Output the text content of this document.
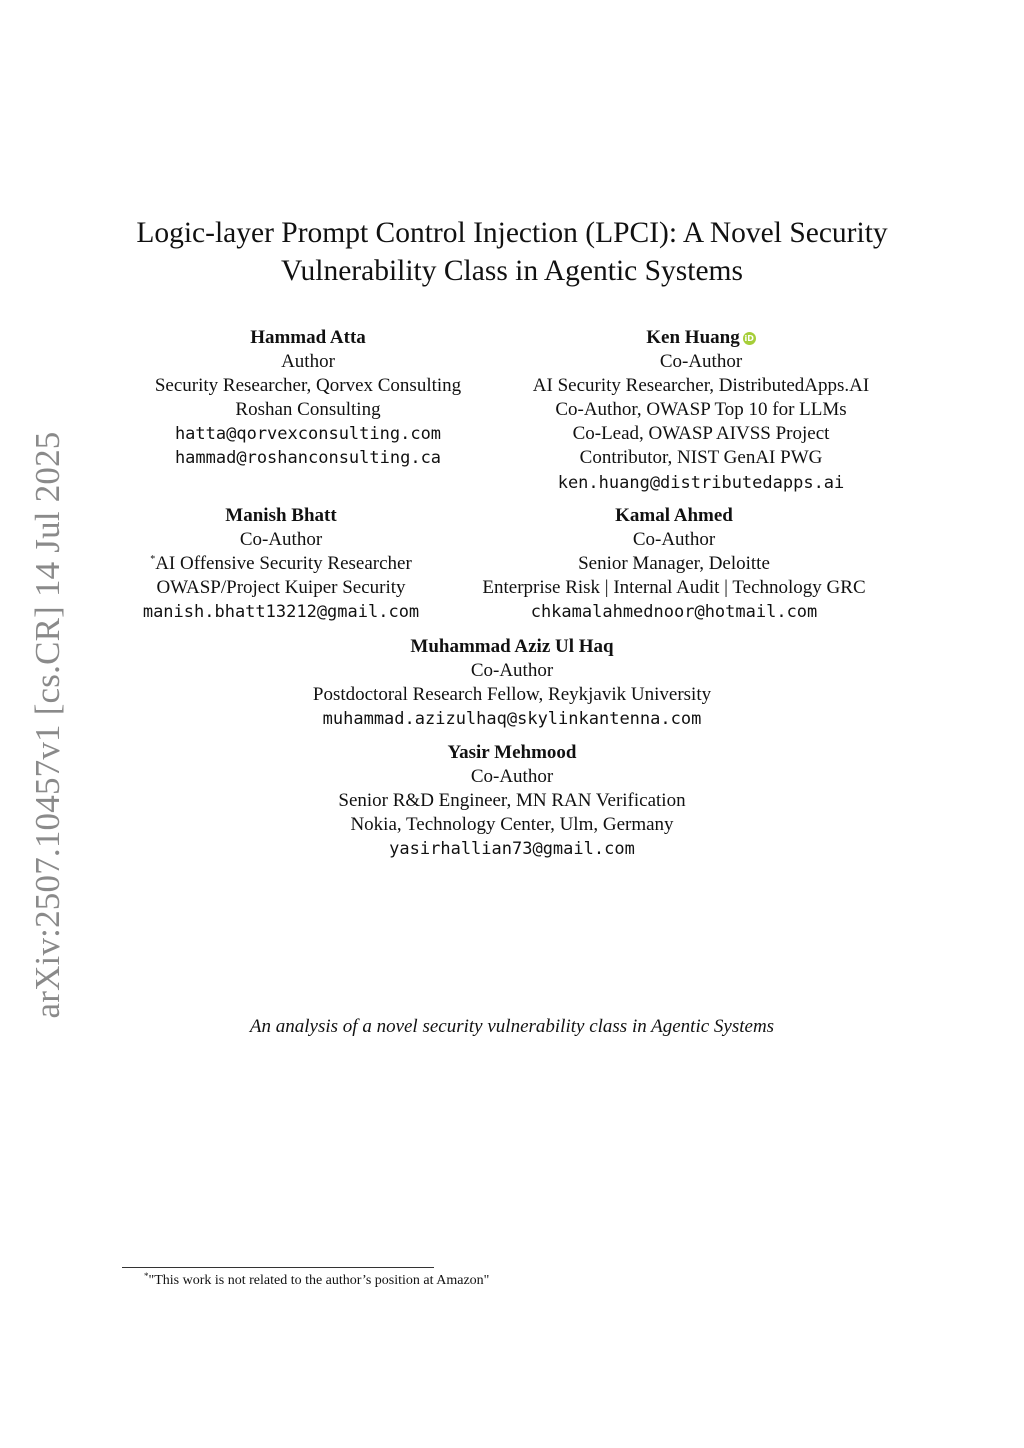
arXiv:2507.10457v1 [cs.CR] 14 Jul 2025
Logic-layer Prompt Control Injection (LPCI): A Novel Security
Vulnerability Class in Agentic Systems
Hammad Atta
Author
Security Researcher, Qorvex Consulting
Roshan Consulting
hatta@qorvexconsulting.com
hammad@roshanconsulting.ca
Ken Huang iD
Co-Author
AI Security Researcher, DistributedApps.AI
Co-Author, OWASP Top 10 for LLMs
Co-Lead, OWASP AIVSS Project
Contributor, NIST GenAI PWG
ken.huang@distributedapps.ai
Manish Bhatt
Co-Author
*AI Offensive Security Researcher
OWASP/Project Kuiper Security
manish.bhatt13212@gmail.com
Kamal Ahmed
Co-Author
Senior Manager, Deloitte
Enterprise Risk | Internal Audit | Technology GRC
chkamalahmednoor@hotmail.com
Muhammad Aziz Ul Haq
Co-Author
Postdoctoral Research Fellow, Reykjavik University
muhammad.azizulhaq@skylinkantenna.com
Yasir Mehmood
Co-Author
Senior R&D Engineer, MN RAN Verification
Nokia, Technology Center, Ulm, Germany
yasirhallian73@gmail.com
An analysis of a novel security vulnerability class in Agentic Systems
*"This work is not related to the author’s position at Amazon"
